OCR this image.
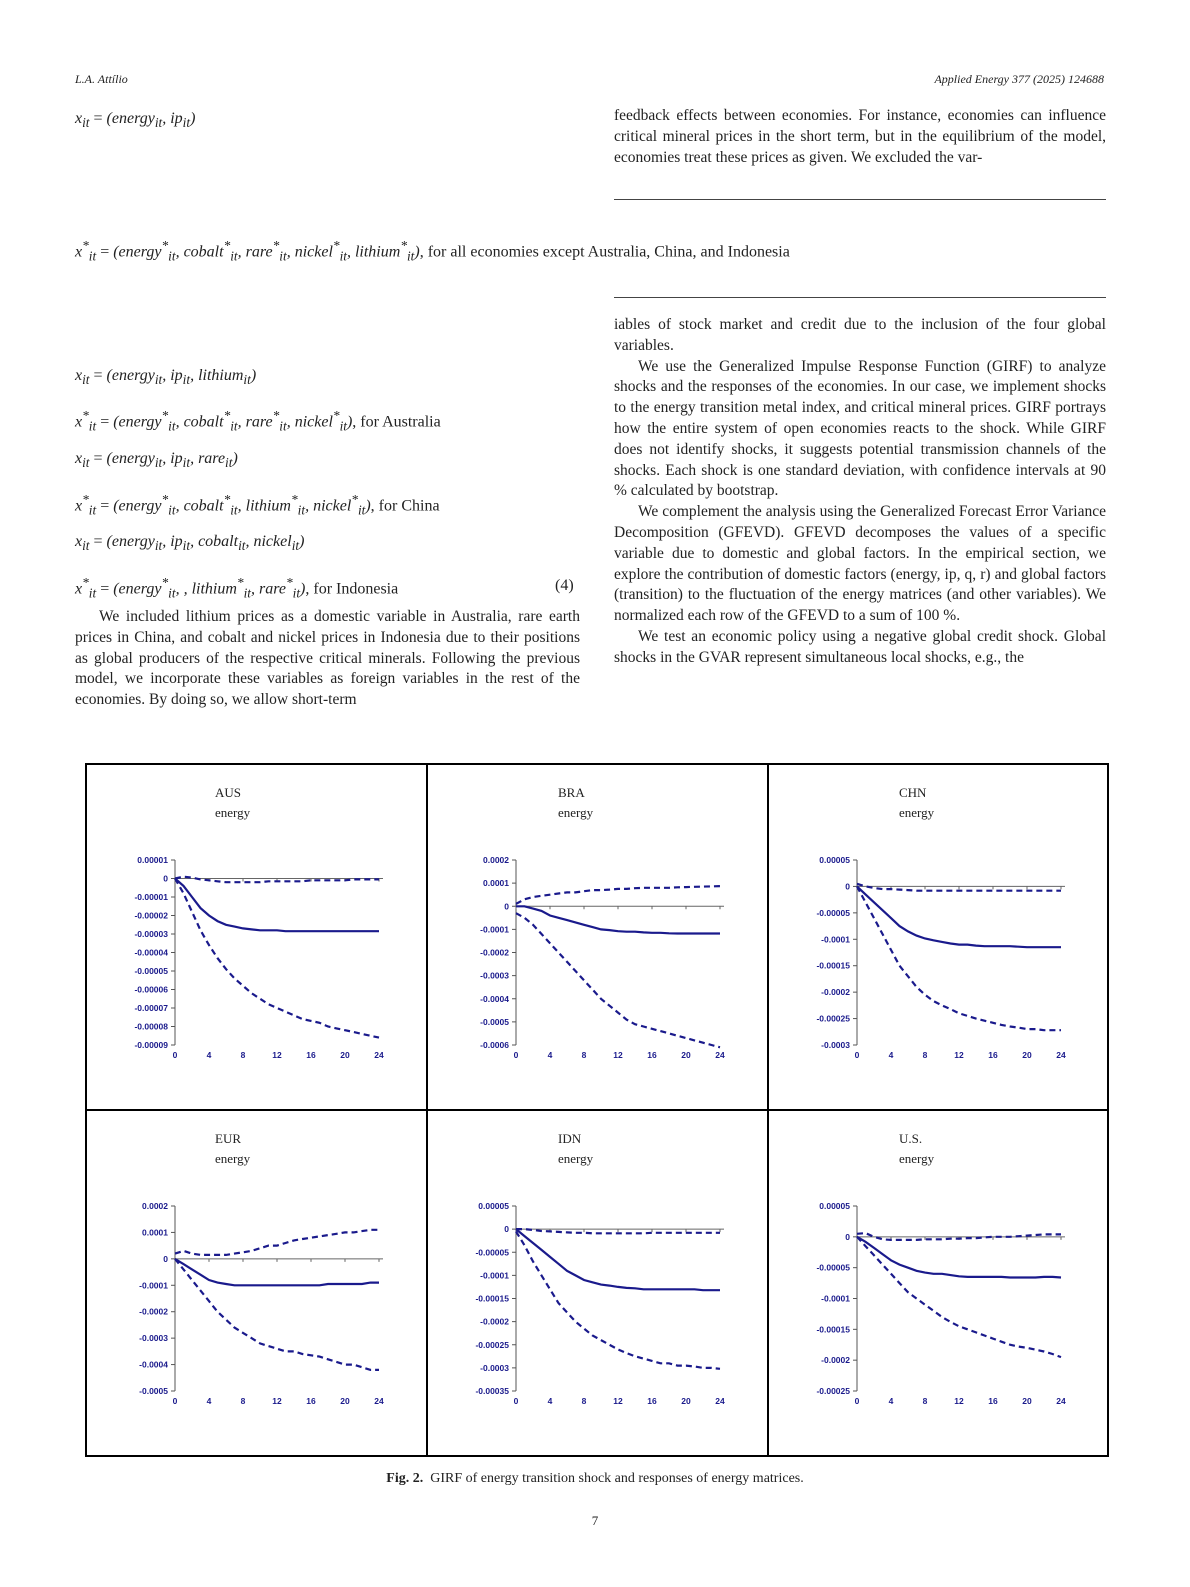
L.A. Attílio	Applied Energy 377 (2025) 124688
$x_{it}$ = (energy$_{it}$, $ip_{it}$)
$x^*_{it}$ = (energy*$_{it}$, cobalt*$_{it}$, rare*$_{it}$, nickel*$_{it}$, lithium*$_{it}$), for all economies except Australia, China, and Indonesia
$x_{it}$ = (energy$_{it}$, $ip_{it}$, lithium$_{it}$)
$x^*_{it}$ = (energy*$_{it}$, cobalt*$_{it}$, rare*$_{it}$, nickel*$_{it}$), for Australia
$x_{it}$ = (energy$_{it}$, $ip_{it}$, rare$_{it}$)
$x^*_{it}$ = (energy*$_{it}$, cobalt*$_{it}$, lithium*$_{it}$, nickel*$_{it}$), for China
$x_{it}$ = (energy$_{it}$, $ip_{it}$, cobalt$_{it}$, nickel$_{it}$)
$x^*_{it}$ = (energy*$_{it}$, , lithium*$_{it}$, rare*$_{it}$), for Indonesia	(4)

We included lithium prices as a domestic variable in Australia, rare earth prices in China, and cobalt and nickel prices in Indonesia due to their positions as global producers of the respective critical minerals. Following the previous model, we incorporate these variables as foreign variables in the rest of the economies. By doing so, we allow short-term

feedback effects between economies. For instance, economies can influence critical mineral prices in the short term, but in the equilibrium of the model, economies treat these prices as given. We excluded the var-

iables of stock market and credit due to the inclusion of the four global variables.

We use the Generalized Impulse Response Function (GIRF) to analyze shocks and the responses of the economies. In our case, we implement shocks to the energy transition metal index, and critical mineral prices. GIRF portrays how the entire system of open economies reacts to the shock. While GIRF does not identify shocks, it suggests potential transmission channels of the shocks. Each shock is one standard deviation, with confidence intervals at 90 % calculated by bootstrap.

We complement the analysis using the Generalized Forecast Error Variance Decomposition (GFEVD). GFEVD decomposes the values of a specific variable due to domestic and global factors. In the empirical section, we explore the contribution of domestic factors (energy, ip, q, r) and global factors (transition) to the fluctuation of the energy matrices (and other variables). We normalized each row of the GFEVD to a sum of 100 %.

We test an economic policy using a negative global credit shock. Global shocks in the GVAR represent simultaneous local shocks, e.g., the

AUS
energy
0.00001
0
-0.00001
-0.00002
-0.00003
-0.00004
-0.00005
-0.00006
-0.00007
-0.00008
-0.00009
0	4	8	12	16	20	24
BRA
energy
0.0002
0.0001
0
-0.0001
-0.0002
-0.0003
-0.0004
-0.0005
-0.0006
0	4	8	12	16	20	24
CHN
energy
0.00005
0
-0.00005
-0.0001
-0.00015
-0.0002
-0.00025
-0.0003
0	4	8	12	16	20	24
EUR
energy
0.0002
0.0001
0
-0.0001
-0.0002
-0.0003
-0.0004
-0.0005
0	4	8	12	16	20	24
IDN
energy
0.00005
0
-0.00005
-0.0001
-0.00015
-0.0002
-0.00025
-0.0003
-0.00035
0	4	8	12	16	20	24
U.S.
energy
0.00005
0
-0.00005
-0.0001
-0.00015
-0.0002
-0.00025
0	4	8	12	16	20	24
Fig. 2. GIRF of energy transition shock and responses of energy matrices.
7
